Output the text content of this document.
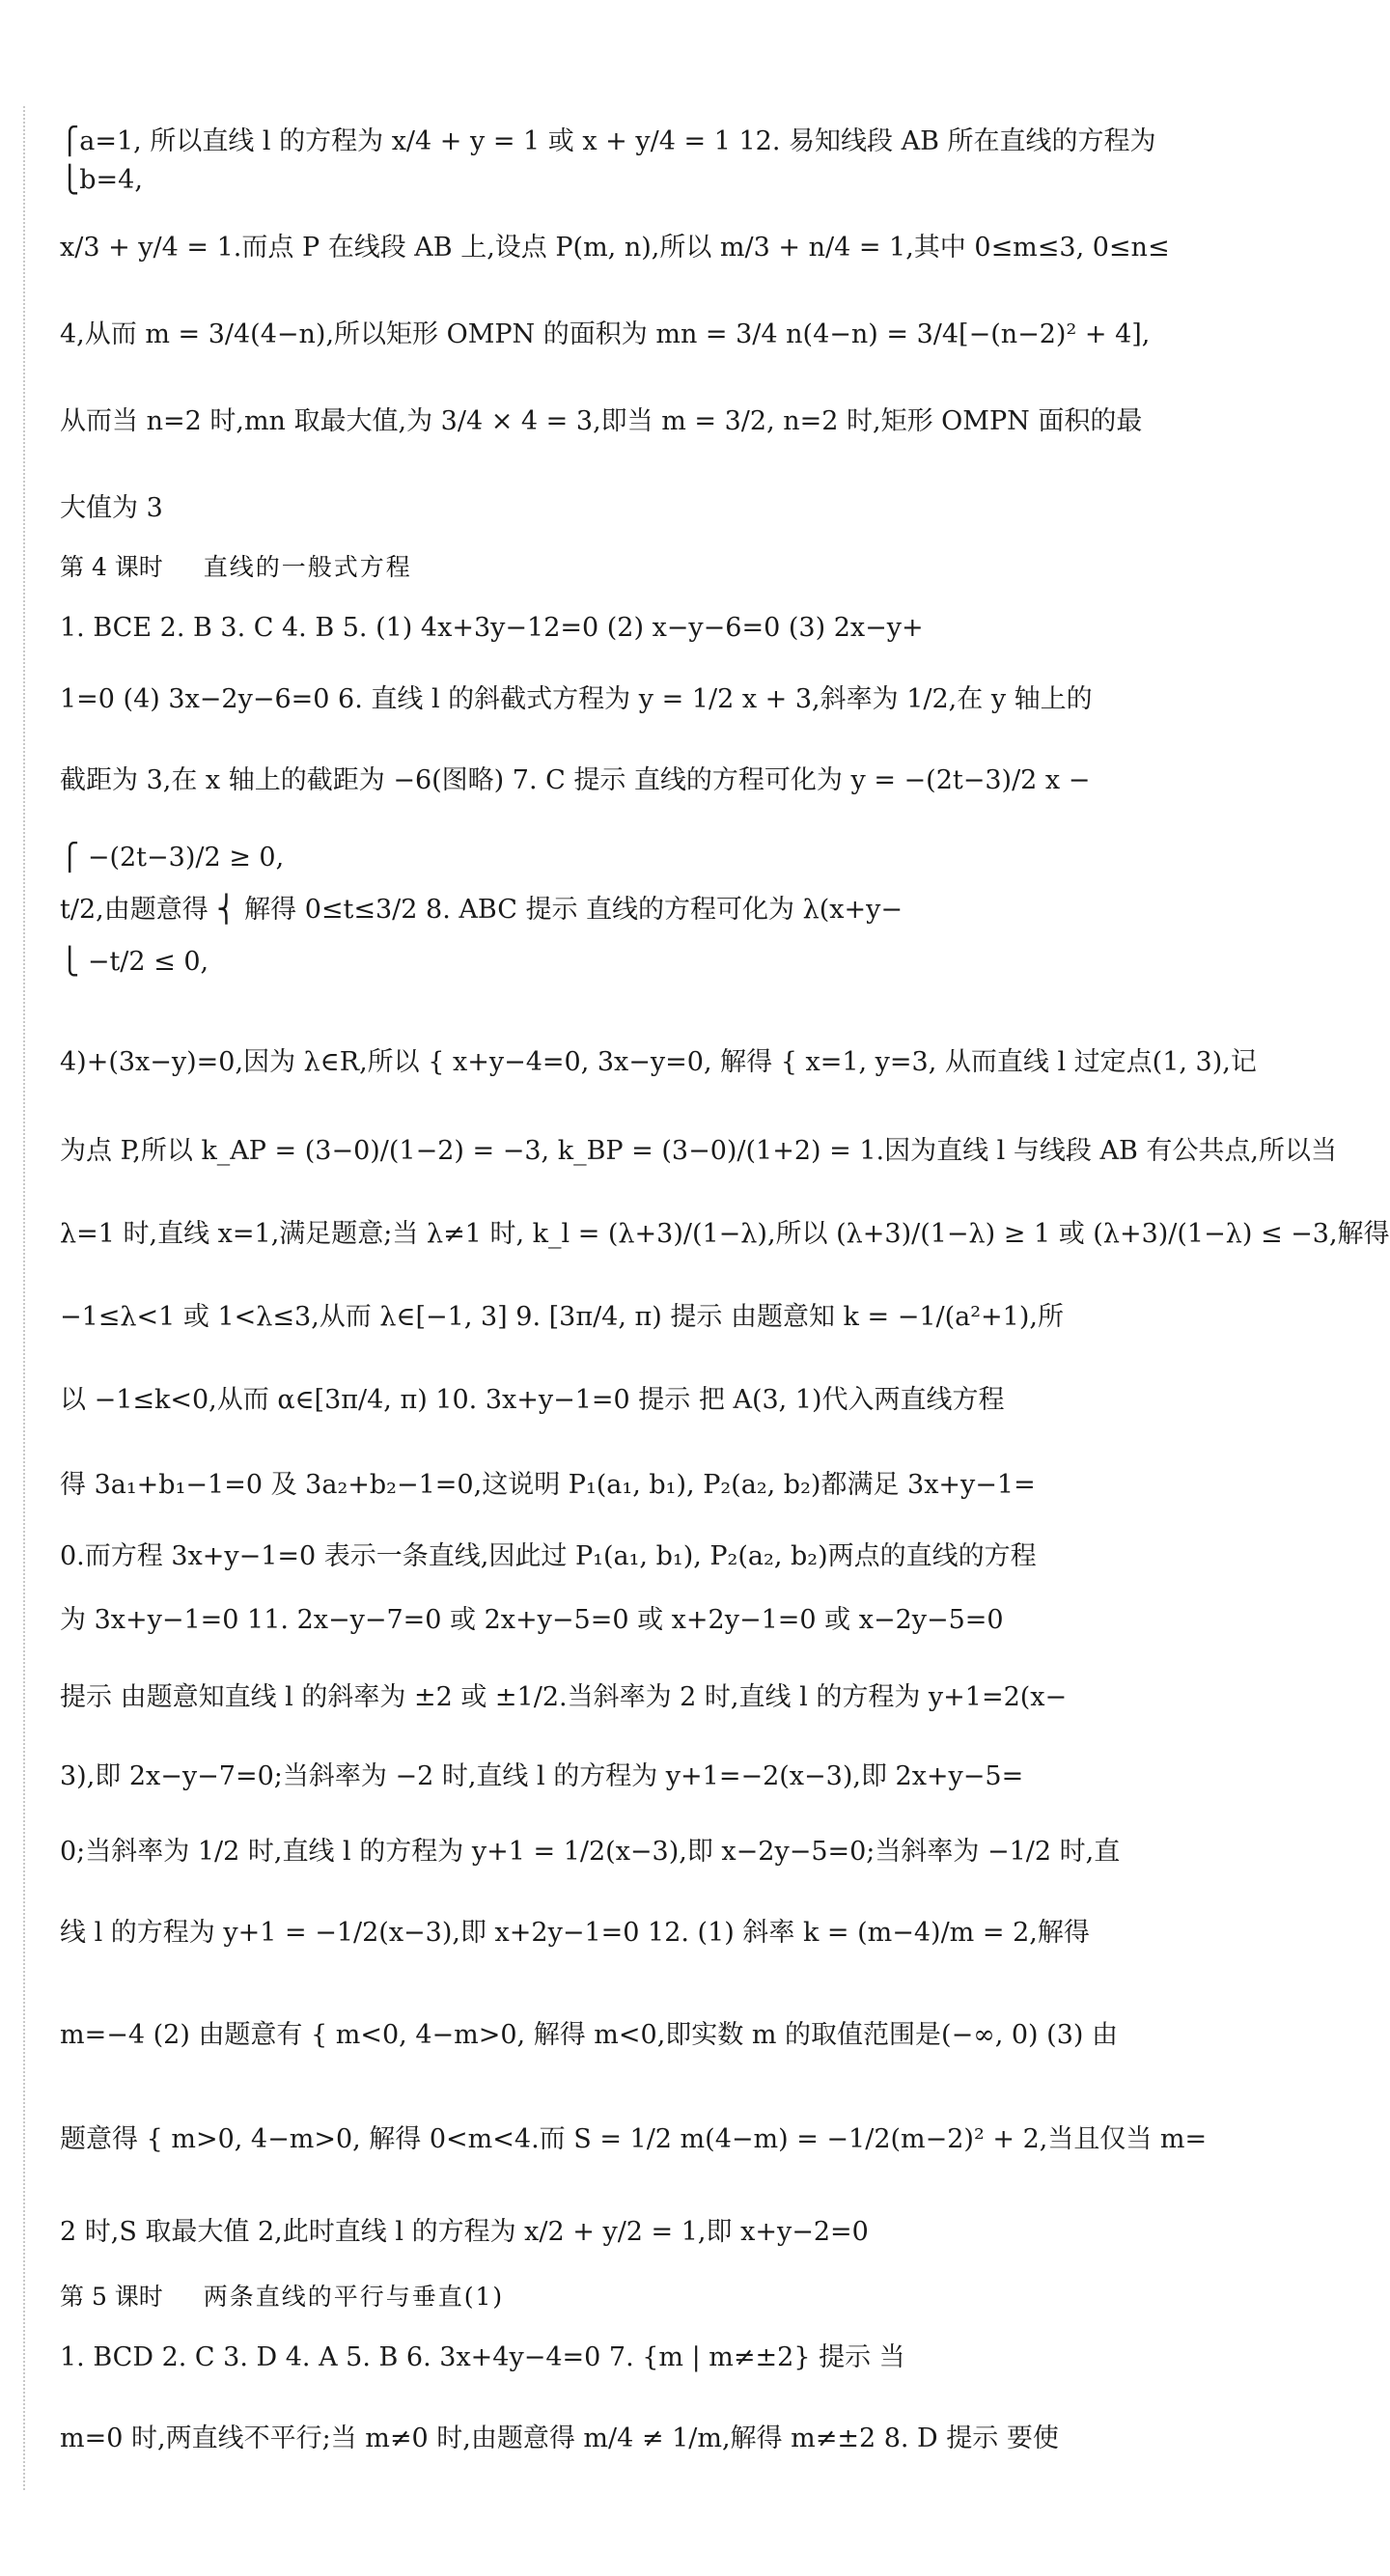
⎧a=1, 所以直线 l 的方程为 x/4 + y = 1 或 x + y/4 = 1 12. 易知线段 AB 所在直线的方程为
⎩b=4,
x/3 + y/4 = 1.而点 P 在线段 AB 上,设点 P(m, n),所以 m/3 + n/4 = 1,其中 0≤m≤3, 0≤n≤
4,从而 m = 3/4(4−n),所以矩形 OMPN 的面积为 mn = 3/4 n(4−n) = 3/4[−(n−2)² + 4],
从而当 n=2 时,mn 取最大值,为 3/4 × 4 = 3,即当 m = 3/2, n=2 时,矩形 OMPN 面积的最
大值为 3
第 4 课时 直线的一般式方程
1. BCE 2. B 3. C 4. B 5. (1) 4x+3y−12=0 (2) x−y−6=0 (3) 2x−y+
1=0 (4) 3x−2y−6=0 6. 直线 l 的斜截式方程为 y = 1/2 x + 3,斜率为 1/2,在 y 轴上的
截距为 3,在 x 轴上的截距为 −6(图略) 7. C 提示 直线的方程可化为 y = −(2t−3)/2 x −
⎧ −(2t−3)/2 ≥ 0,
t/2,由题意得 ⎨ 解得 0≤t≤3/2 8. ABC 提示 直线的方程可化为 λ(x+y−
⎩ −t/2 ≤ 0,
4)+(3x−y)=0,因为 λ∈R,所以 { x+y−4=0, 3x−y=0, 解得 { x=1, y=3, 从而直线 l 过定点(1, 3),记
为点 P,所以 k_AP = (3−0)/(1−2) = −3, k_BP = (3−0)/(1+2) = 1.因为直线 l 与线段 AB 有公共点,所以当
λ=1 时,直线 x=1,满足题意;当 λ≠1 时, k_l = (λ+3)/(1−λ),所以 (λ+3)/(1−λ) ≥ 1 或 (λ+3)/(1−λ) ≤ −3,解得
−1≤λ<1 或 1<λ≤3,从而 λ∈[−1, 3] 9. [3π/4, π) 提示 由题意知 k = −1/(a²+1),所
以 −1≤k<0,从而 α∈[3π/4, π) 10. 3x+y−1=0 提示 把 A(3, 1)代入两直线方程
得 3a₁+b₁−1=0 及 3a₂+b₂−1=0,这说明 P₁(a₁, b₁), P₂(a₂, b₂)都满足 3x+y−1=
0.而方程 3x+y−1=0 表示一条直线,因此过 P₁(a₁, b₁), P₂(a₂, b₂)两点的直线的方程
为 3x+y−1=0 11. 2x−y−7=0 或 2x+y−5=0 或 x+2y−1=0 或 x−2y−5=0
提示 由题意知直线 l 的斜率为 ±2 或 ±1/2.当斜率为 2 时,直线 l 的方程为 y+1=2(x−
3),即 2x−y−7=0;当斜率为 −2 时,直线 l 的方程为 y+1=−2(x−3),即 2x+y−5=
0;当斜率为 1/2 时,直线 l 的方程为 y+1 = 1/2(x−3),即 x−2y−5=0;当斜率为 −1/2 时,直
线 l 的方程为 y+1 = −1/2(x−3),即 x+2y−1=0 12. (1) 斜率 k = (m−4)/m = 2,解得
m=−4 (2) 由题意有 { m<0, 4−m>0, 解得 m<0,即实数 m 的取值范围是(−∞, 0) (3) 由
题意得 { m>0, 4−m>0, 解得 0<m<4.而 S = 1/2 m(4−m) = −1/2(m−2)² + 2,当且仅当 m=
2 时,S 取最大值 2,此时直线 l 的方程为 x/2 + y/2 = 1,即 x+y−2=0
第 5 课时 两条直线的平行与垂直(1)
1. BCD 2. C 3. D 4. A 5. B 6. 3x+4y−4=0 7. {m | m≠±2} 提示 当
m=0 时,两直线不平行;当 m≠0 时,由题意得 m/4 ≠ 1/m,解得 m≠±2 8. D 提示 要使
